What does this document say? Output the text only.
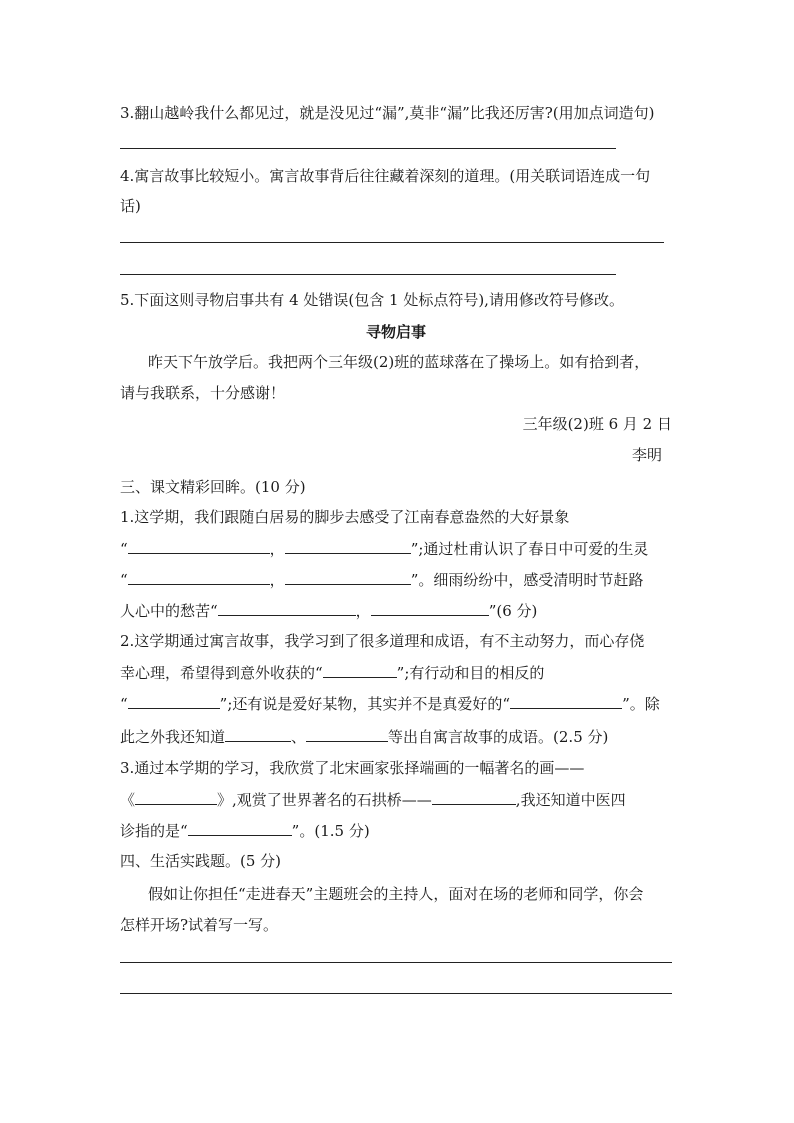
3.翻山越岭我什么都见过，就是没见过“漏”,莫非“漏”比我还厉害?(用加点词造句)
4.寓言故事比较短小。寓言故事背后往往藏着深刻的道理。(用关联词语连成一句
话)
5.下面这则寻物启事共有 4 处错误(包含 1 处标点符号),请用修改符号修改。
寻物启事
昨天下午放学后。我把两个三年级(2)班的蓝球落在了操场上。如有拾到者，
请与我联系，十分感谢！
三年级(2)班 6 月 2 日
李明
三、课文精彩回眸。(10 分)
1.这学期，我们跟随白居易的脚步去感受了江南春意盎然的大好景象
“	，	”;通过杜甫认识了春日中可爱的生灵
“	，	”。细雨纷纷中，感受清明时节赶路
人心中的愁苦“	，	”(6 分)
2.这学期通过寓言故事，我学习到了很多道理和成语，有不主动努力，而心存侥
幸心理，希望得到意外收获的“	”;有行动和目的相反的
“	”;还有说是爱好某物，其实并不是真爱好的“	”。除
此之外我还知道	、	等出自寓言故事的成语。(2.5 分)
3.通过本学期的学习，我欣赏了北宋画家张择端画的一幅著名的画——
《	》,观赏了世界著名的石拱桥——	,我还知道中医四
诊指的是“	”。(1.5 分)
四、生活实践题。(5 分)
假如让你担任“走进春天”主题班会的主持人，面对在场的老师和同学，你会
怎样开场?试着写一写。
